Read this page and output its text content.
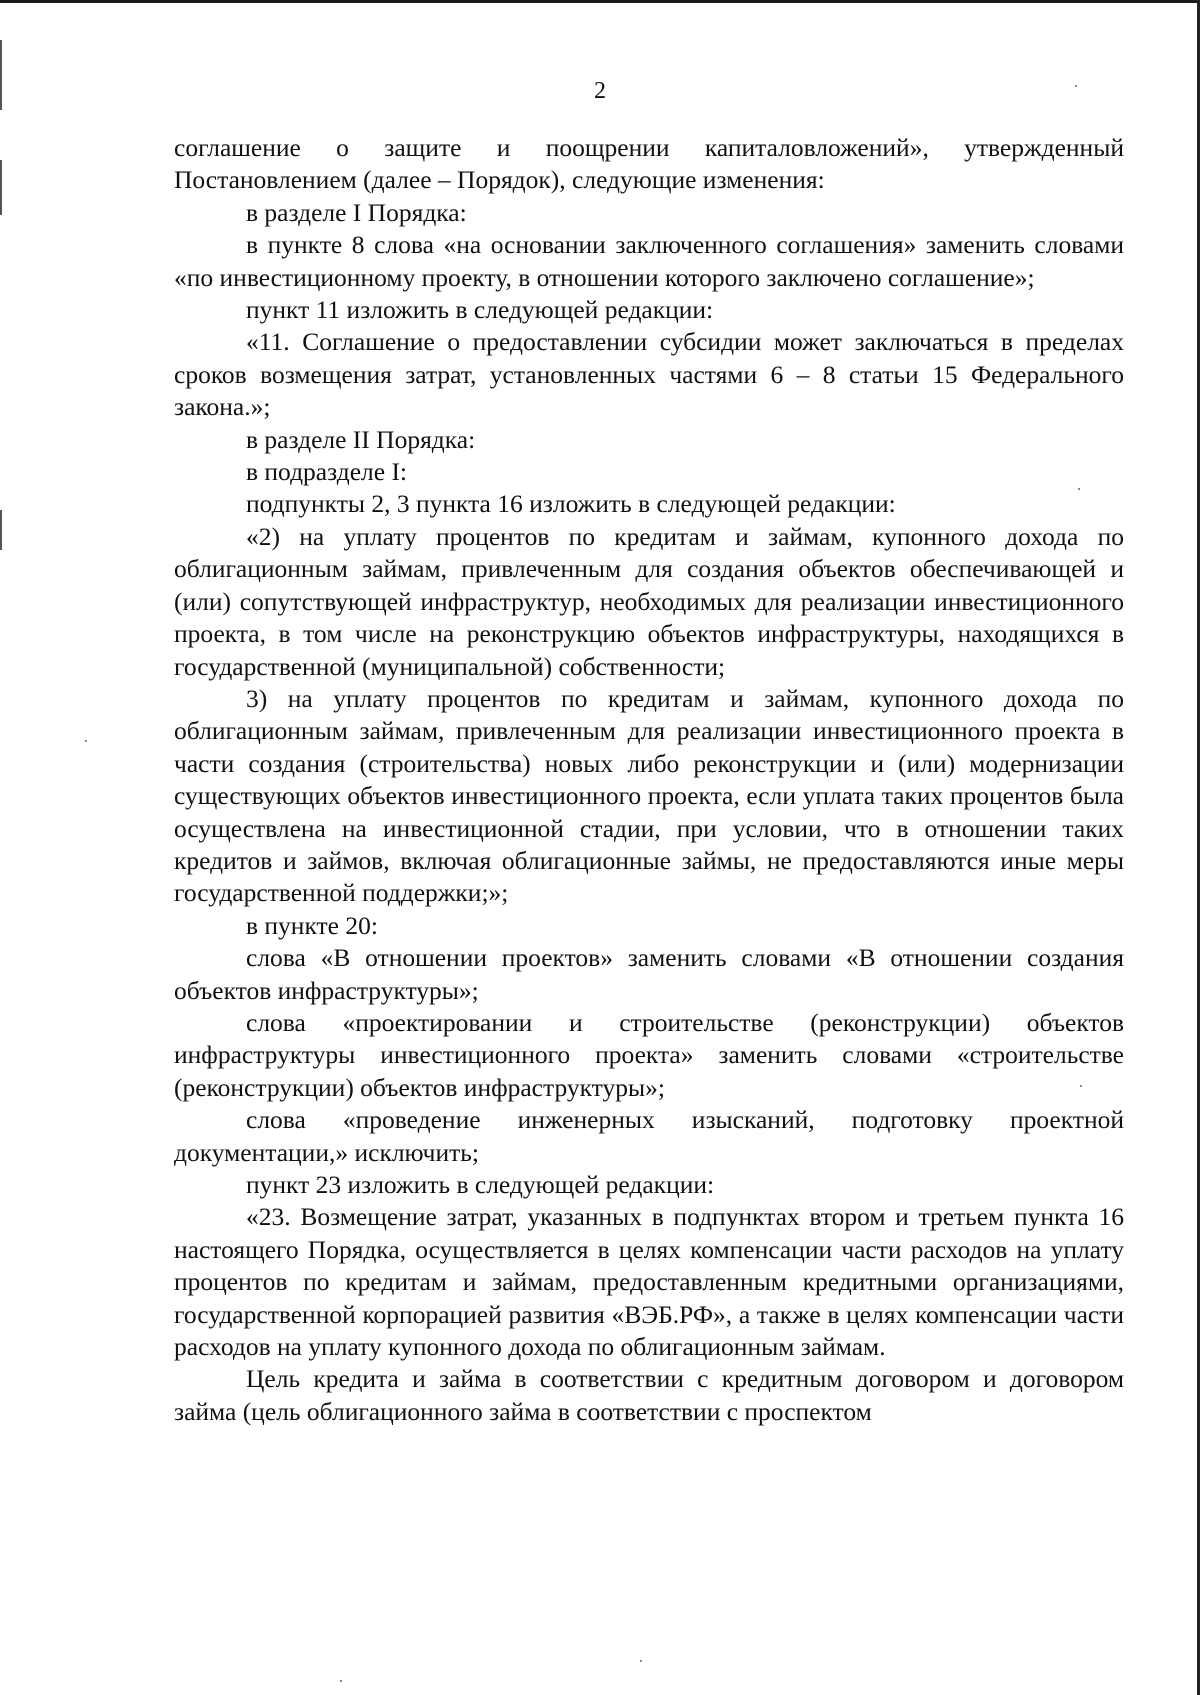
2

соглашение о защите и поощрении капиталовложений», утвержденный Постановлением (далее – Порядок), следующие изменения:

в разделе I Порядка:

в пункте 8 слова «на основании заключенного соглашения» заменить словами «по инвестиционному проекту, в отношении которого заключено соглашение»;

пункт 11 изложить в следующей редакции:

«11. Соглашение о предоставлении субсидии может заключаться в пределах сроков возмещения затрат, установленных частями 6 – 8 статьи 15 Федерального закона.»;

в разделе II Порядка:

в подразделе I:

подпункты 2, 3 пункта 16 изложить в следующей редакции:

«2) на уплату процентов по кредитам и займам, купонного дохода по облигационным займам, привлеченным для создания объектов обеспечивающей и (или) сопутствующей инфраструктур, необходимых для реализации инвестиционного проекта, в том числе на реконструкцию объектов инфраструктуры, находящихся в государственной (муниципальной) собственности;

3) на уплату процентов по кредитам и займам, купонного дохода по облигационным займам, привлеченным для реализации инвестиционного проекта в части создания (строительства) новых либо реконструкции и (или) модернизации существующих объектов инвестиционного проекта, если уплата таких процентов была осуществлена на инвестиционной стадии, при условии, что в отношении таких кредитов и займов, включая облигационные займы, не предоставляются иные меры государственной поддержки;»;

в пункте 20:

слова «В отношении проектов» заменить словами «В отношении создания объектов инфраструктуры»;

слова «проектировании и строительстве (реконструкции) объектов инфраструктуры инвестиционного проекта» заменить словами «строительстве (реконструкции) объектов инфраструктуры»;

слова «проведение инженерных изысканий, подготовку проектной документации,» исключить;

пункт 23 изложить в следующей редакции:

«23. Возмещение затрат, указанных в подпунктах втором и третьем пункта 16 настоящего Порядка, осуществляется в целях компенсации части расходов на уплату процентов по кредитам и займам, предоставленным кредитными организациями, государственной корпорацией развития «ВЭБ.РФ», а также в целях компенсации части расходов на уплату купонного дохода по облигационным займам.

Цель кредита и займа в соответствии с кредитным договором и договором займа (цель облигационного займа в соответствии с проспектом
